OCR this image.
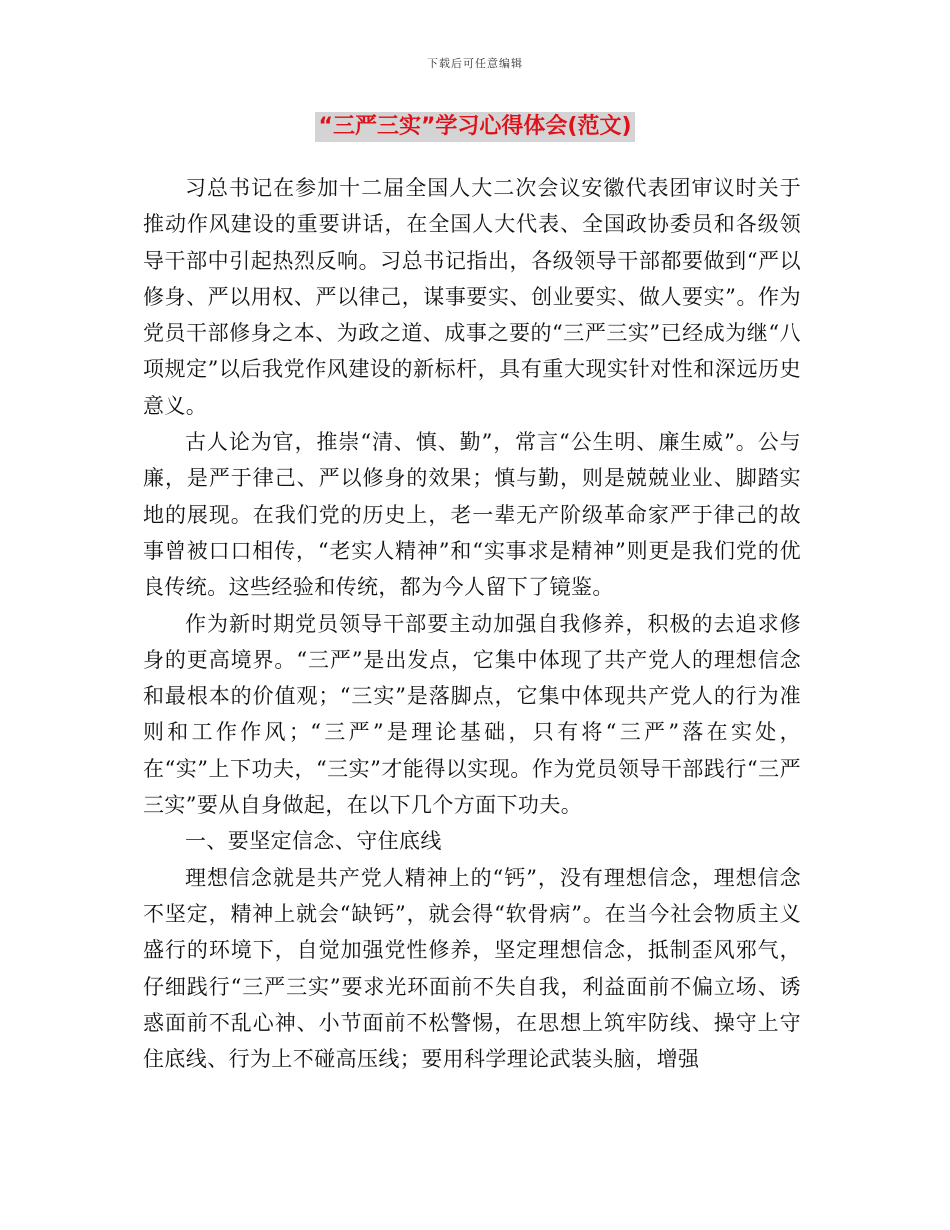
下载后可任意编辑
“三严三实”学习心得体会(范文)

习总书记在参加十二届全国人大二次会议安徽代表团审议时关于推动作风建设的重要讲话，在全国人大代表、全国政协委员和各级领导干部中引起热烈反响。习总书记指出，各级领导干部都要做到“严以修身、严以用权、严以律己，谋事要实、创业要实、做人要实”。作为党员干部修身之本、为政之道、成事之要的“三严三实”已经成为继“八项规定”以后我党作风建设的新标杆，具有重大现实针对性和深远历史意义。

古人论为官，推崇“清、慎、勤”，常言“公生明、廉生威”。公与廉，是严于律己、严以修身的效果；慎与勤，则是兢兢业业、脚踏实地的展现。在我们党的历史上，老一辈无产阶级革命家严于律己的故事曾被口口相传，“老实人精神”和“实事求是精神”则更是我们党的优良传统。这些经验和传统，都为今人留下了镜鉴。

作为新时期党员领导干部要主动加强自我修养，积极的去追求修身的更高境界。“三严”是出发点，它集中体现了共产党人的理想信念和最根本的价值观；“三实”是落脚点，它集中体现共产党人的行为准则和工作作风；“三严”是理论基础，只有将“三严”落在实处，在“实”上下功夫，“三实”才能得以实现。作为党员领导干部践行“三严三实”要从自身做起，在以下几个方面下功夫。

一、要坚定信念、守住底线

理想信念就是共产党人精神上的“钙”，没有理想信念，理想信念不坚定，精神上就会“缺钙”，就会得“软骨病”。在当今社会物质主义盛行的环境下，自觉加强党性修养，坚定理想信念，抵制歪风邪气，仔细践行“三严三实”要求光环面前不失自我，利益面前不偏立场、诱惑面前不乱心神、小节面前不松警惕，在思想上筑牢防线、操守上守住底线、行为上不碰高压线；要用科学理论武装头脑，增强
